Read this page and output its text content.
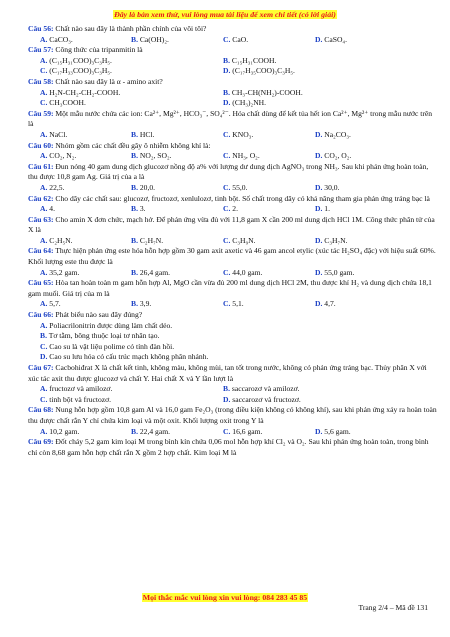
Đây là bản xem thử, vui lòng mua tài liệu để xem chi tiết (có lời giải)

Câu 56: Chất nào sau đây là thành phần chính của vôi tôi?

A. CaCO₃.	B. Ca(OH)₂.	C. CaO.	D. CaSO₄.

Câu 57: Công thức của tripanmitin là

A. (C₁₅H₃₁COO)₃C₃H₅.	B. C₁₅H₃₁COOH.
C. (C₁₇H₃₃COO)₃C₃H₅.	D. (C₁₇H₃₅COO)₃C₃H₅.

Câu 58: Chất nào sau đây là α - amino axit?

A. H₂N-CH₂-CH₂-COOH.	B. CH₃-CH(NH₂)-COOH.
C. CH₃COOH.	D. (CH₃)₂NH.

Câu 59: Một mẫu nước chứa các ion: Ca²⁺, Mg²⁺, HCO₃⁻, SO₄²⁻. Hóa chất dùng để kết tủa hết ion Ca²⁺, Mg²⁺ trong mẫu nước trên là

A. NaCl.	B. HCl.	C. KNO₃.	D. Na₂CO₃.

Câu 60: Nhóm gồm các chất đều gây ô nhiễm không khí là:

A. CO₂, N₂.	B. NO₂, SO₂.	C. NH₃, O₂.	D. CO₂, O₂.

Câu 61: Đun nóng 40 gam dung dịch glucozơ nồng độ a% với lượng dư dung dịch AgNO₃ trong NH₃. Sau khi phản ứng hoàn toàn, thu được 10,8 gam Ag. Giá trị của a là

A. 22,5.	B. 20,0.	C. 55,0.	D. 30,0.

Câu 62: Cho dãy các chất sau: glucozơ, fructozơ, xenlulozơ, tinh bột. Số chất trong dãy có khả năng tham gia phản ứng tráng bạc là

A. 4.	B. 3.	C. 2.	D. 1.

Câu 63: Cho amin X đơn chức, mạch hở. Để phản ứng vừa đủ với 11,8 gam X cần 200 ml dung dịch HCl 1M. Công thức phân tử của X là

A. C₂H₅N.	B. C₂H₇N.	C. C₃H₉N.	D. C₃H₇N.

Câu 64: Thực hiện phản ứng este hóa hỗn hợp gồm 30 gam axit axetic và 46 gam ancol etylic (xúc tác H₂SO₄ đặc) với hiệu suất 60%. Khối lượng este thu được là

A. 35,2 gam.	B. 26,4 gam.	C. 44,0 gam.	D. 55,0 gam.

Câu 65: Hòa tan hoàn toàn m gam hỗn hợp Al, MgO cần vừa đủ 200 ml dung dịch HCl 2M, thu được khí H₂ và dung dịch chứa 18,1 gam muối. Giá trị của m là

A. 5,7.	B. 3,9.	C. 5,1.	D. 4,7.

Câu 66: Phát biểu nào sau đây đúng?

A. Poliacrilonitrin được dùng làm chất dẻo.
B. Tơ tằm, bông thuộc loại tơ nhân tạo.
C. Cao su là vật liệu polime có tính đàn hồi.
D. Cao su lưu hóa có cấu trúc mạch không phân nhánh.

Câu 67: Cacbohiđrat X là chất kết tinh, không màu, không mùi, tan tốt trong nước, không có phản ứng tráng bạc. Thủy phân X với xúc tác axit thu được glucozơ và chất Y. Hai chất X và Y lần lượt là

A. fructozơ và amilozơ.	B. saccarozơ và amilozơ.
C. tinh bột và fructozơ.	D. saccarozơ và fructozơ.

Câu 68: Nung hỗn hợp gồm 10,8 gam Al và 16,0 gam Fe₂O₃ (trong điều kiện không có không khí), sau khi phản ứng xảy ra hoàn toàn thu được chất rắn Y chỉ chứa kim loại và một oxit. Khối lượng oxit trong Y là

A. 10,2 gam.	B. 22,4 gam.	C. 16,6 gam.	D. 5,6 gam.

Câu 69: Đốt cháy 5,2 gam kim loại M trong bình kín chứa 0,06 mol hỗn hợp khí Cl₂ và O₂. Sau khi phản ứng hoàn toàn, trong bình chỉ còn 8,68 gam hỗn hợp chất rắn X gồm 2 hợp chất. Kim loại M là

Mọi thắc mắc vui lòng xin vui lòng: 084 283 45 85
Trang 2/4 – Mã đề 131
